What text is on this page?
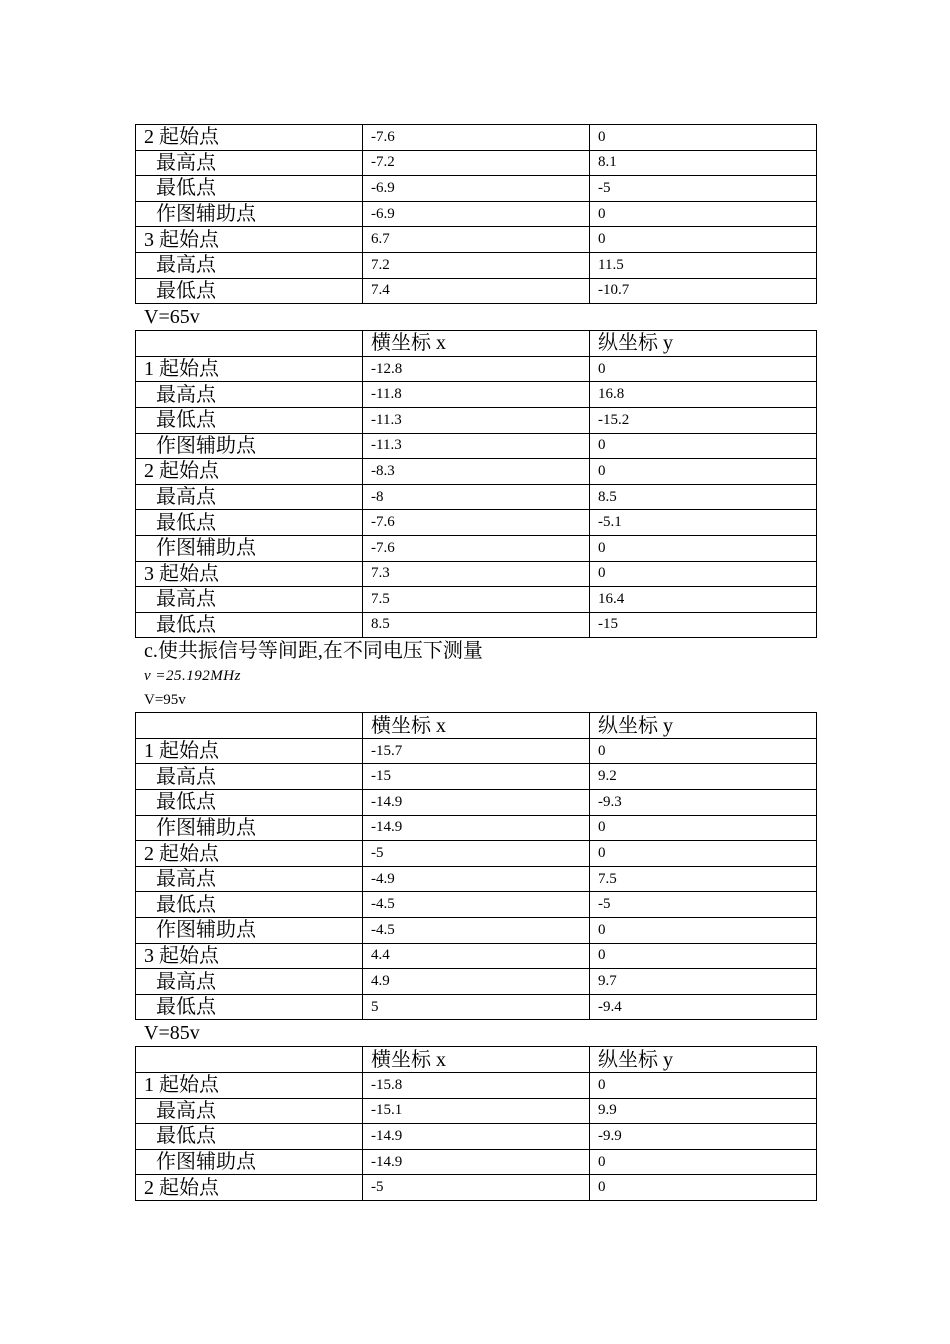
2 起始点	-7.6	0
最高点	-7.2	8.1
最低点	-6.9	-5
作图辅助点	-6.9	0
3 起始点	6.7	0
最高点	7.2	11.5
最低点	7.4	-10.7
V=65v
	横坐标 x	纵坐标 y
1 起始点	-12.8	0
最高点	-11.8	16.8
最低点	-11.3	-15.2
作图辅助点	-11.3	0
2 起始点	-8.3	0
最高点	-8	8.5
最低点	-7.6	-5.1
作图辅助点	-7.6	0
3 起始点	7.3	0
最高点	7.5	16.4
最低点	8.5	-15
c.使共振信号等间距,在不同电压下测量
ν =25.192MHz
V=95v
	横坐标 x	纵坐标 y
1 起始点	-15.7	0
最高点	-15	9.2
最低点	-14.9	-9.3
作图辅助点	-14.9	0
2 起始点	-5	0
最高点	-4.9	7.5
最低点	-4.5	-5
作图辅助点	-4.5	0
3 起始点	4.4	0
最高点	4.9	9.7
最低点	5	-9.4
V=85v
	横坐标 x	纵坐标 y
1 起始点	-15.8	0
最高点	-15.1	9.9
最低点	-14.9	-9.9
作图辅助点	-14.9	0
2 起始点	-5	0
